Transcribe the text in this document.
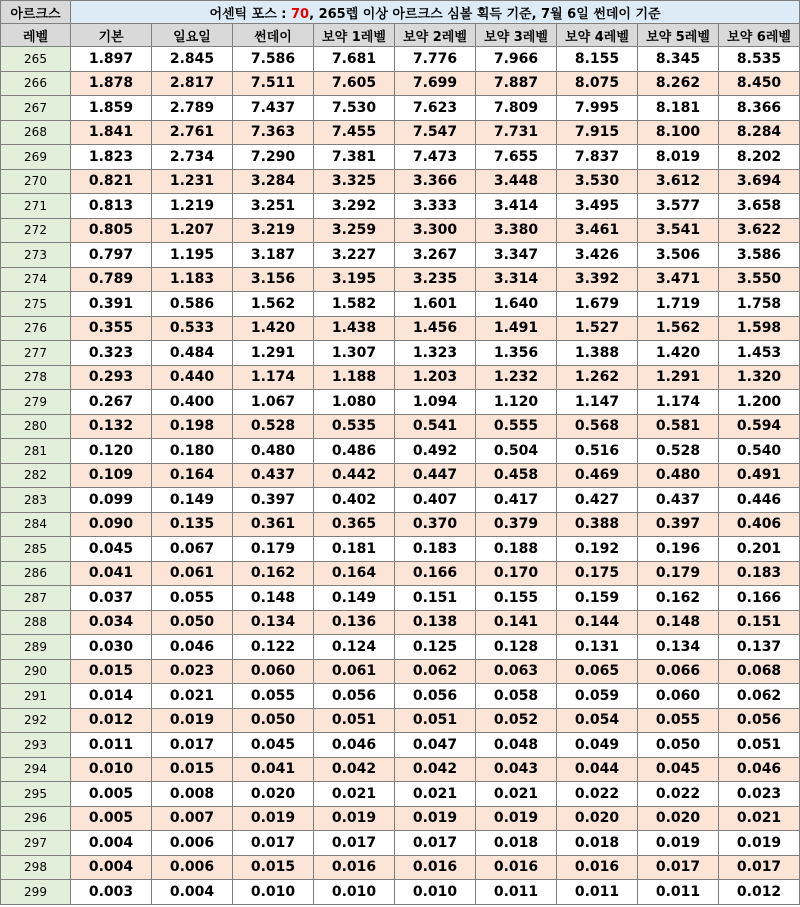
아르크스	어센틱 포스 : 70, 265렙 이상 아르크스 심볼 획득 기준, 7월 6일 썬데이 기준								
레벨	기본	일요일	썬데이	보약 1레벨	보약 2레벨	보약 3레벨	보약 4레벨	보약 5레벨	보약 6레벨
265	1.897	2.845	7.586	7.681	7.776	7.966	8.155	8.345	8.535
266	1.878	2.817	7.511	7.605	7.699	7.887	8.075	8.262	8.450
267	1.859	2.789	7.437	7.530	7.623	7.809	7.995	8.181	8.366
268	1.841	2.761	7.363	7.455	7.547	7.731	7.915	8.100	8.284
269	1.823	2.734	7.290	7.381	7.473	7.655	7.837	8.019	8.202
270	0.821	1.231	3.284	3.325	3.366	3.448	3.530	3.612	3.694
271	0.813	1.219	3.251	3.292	3.333	3.414	3.495	3.577	3.658
272	0.805	1.207	3.219	3.259	3.300	3.380	3.461	3.541	3.622
273	0.797	1.195	3.187	3.227	3.267	3.347	3.426	3.506	3.586
274	0.789	1.183	3.156	3.195	3.235	3.314	3.392	3.471	3.550
275	0.391	0.586	1.562	1.582	1.601	1.640	1.679	1.719	1.758
276	0.355	0.533	1.420	1.438	1.456	1.491	1.527	1.562	1.598
277	0.323	0.484	1.291	1.307	1.323	1.356	1.388	1.420	1.453
278	0.293	0.440	1.174	1.188	1.203	1.232	1.262	1.291	1.320
279	0.267	0.400	1.067	1.080	1.094	1.120	1.147	1.174	1.200
280	0.132	0.198	0.528	0.535	0.541	0.555	0.568	0.581	0.594
281	0.120	0.180	0.480	0.486	0.492	0.504	0.516	0.528	0.540
282	0.109	0.164	0.437	0.442	0.447	0.458	0.469	0.480	0.491
283	0.099	0.149	0.397	0.402	0.407	0.417	0.427	0.437	0.446
284	0.090	0.135	0.361	0.365	0.370	0.379	0.388	0.397	0.406
285	0.045	0.067	0.179	0.181	0.183	0.188	0.192	0.196	0.201
286	0.041	0.061	0.162	0.164	0.166	0.170	0.175	0.179	0.183
287	0.037	0.055	0.148	0.149	0.151	0.155	0.159	0.162	0.166
288	0.034	0.050	0.134	0.136	0.138	0.141	0.144	0.148	0.151
289	0.030	0.046	0.122	0.124	0.125	0.128	0.131	0.134	0.137
290	0.015	0.023	0.060	0.061	0.062	0.063	0.065	0.066	0.068
291	0.014	0.021	0.055	0.056	0.056	0.058	0.059	0.060	0.062
292	0.012	0.019	0.050	0.051	0.051	0.052	0.054	0.055	0.056
293	0.011	0.017	0.045	0.046	0.047	0.048	0.049	0.050	0.051
294	0.010	0.015	0.041	0.042	0.042	0.043	0.044	0.045	0.046
295	0.005	0.008	0.020	0.021	0.021	0.021	0.022	0.022	0.023
296	0.005	0.007	0.019	0.019	0.019	0.019	0.020	0.020	0.021
297	0.004	0.006	0.017	0.017	0.017	0.018	0.018	0.019	0.019
298	0.004	0.006	0.015	0.016	0.016	0.016	0.016	0.017	0.017
299	0.003	0.004	0.010	0.010	0.010	0.011	0.011	0.011	0.012
